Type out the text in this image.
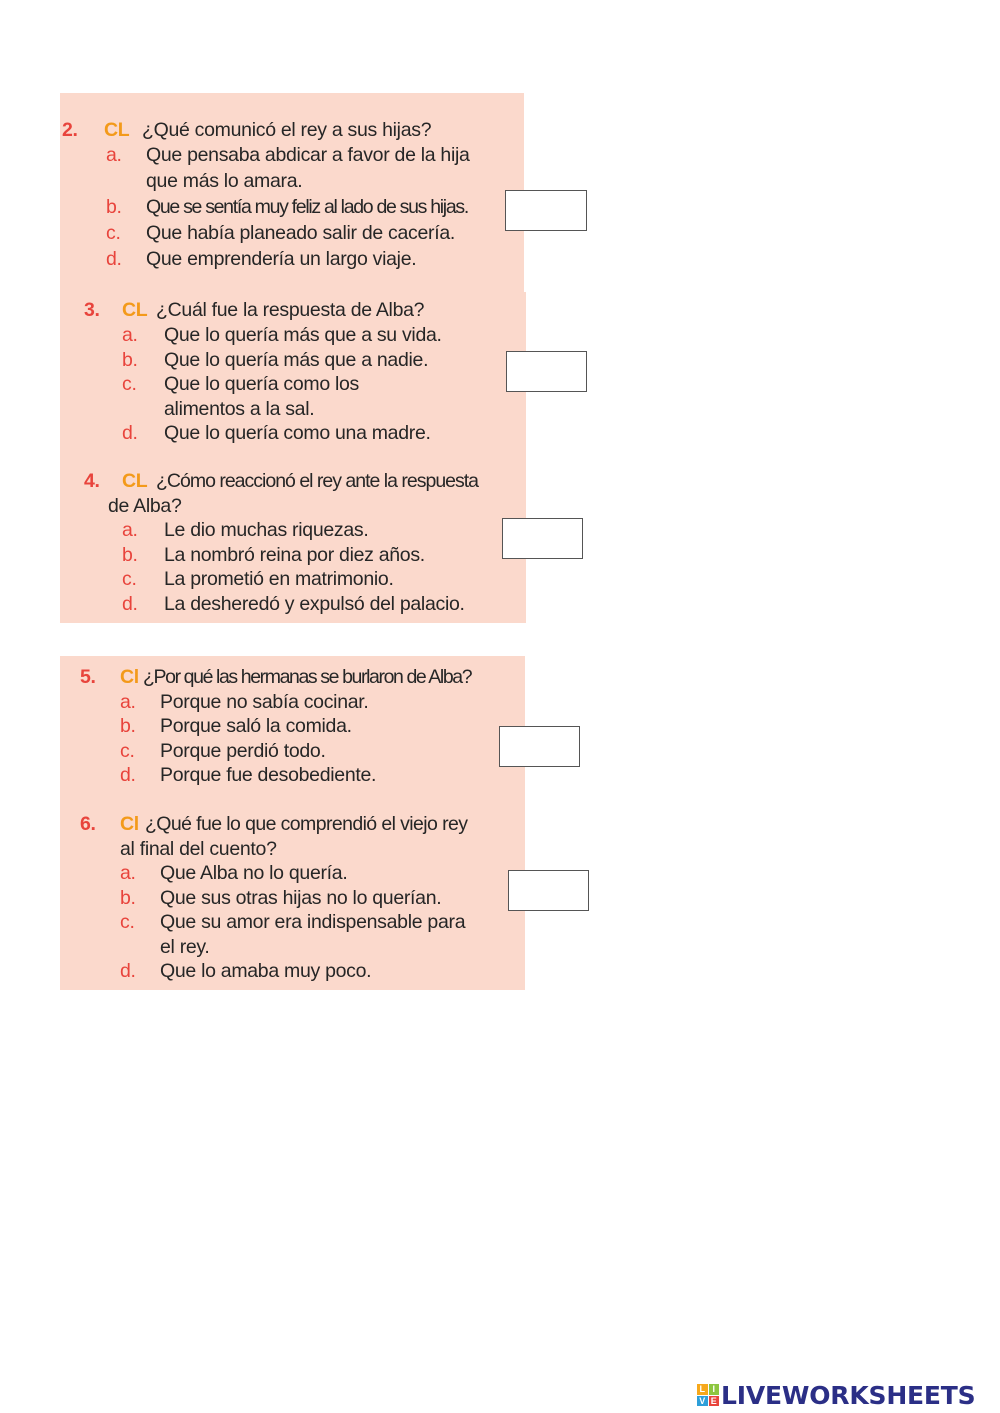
2. CL ¿Qué comunicó el rey a sus hijas?
a. Que pensaba abdicar a favor de la hija
que más lo amara.
b. Que se sentía muy feliz al lado de sus hijas.
c. Que había planeado salir de cacería.
d. Que emprendería un largo viaje.
3. CL ¿Cuál fue la respuesta de Alba?
a. Que lo quería más que a su vida.
b. Que lo quería más que a nadie.
c. Que lo quería como los
alimentos a la sal.
d. Que lo quería como una madre.
4. CL ¿Cómo reaccionó el rey ante la respuesta
de Alba?
a. Le dio muchas riquezas.
b. La nombró reina por diez años.
c. La prometió en matrimonio.
d. La desheredó y expulsó del palacio.
5. Cl ¿Por qué las hermanas se burlaron de Alba?
a. Porque no sabía cocinar.
b. Porque saló la comida.
c. Porque perdió todo.
d. Porque fue desobediente.
6. Cl ¿Qué fue lo que comprendió el viejo rey
al final del cuento?
a. Que Alba no lo quería.
b. Que sus otras hijas no lo querían.
c. Que su amor era indispensable para
el rey.
d. Que lo amaba muy poco.
L I
V E LIVEWORKSHEETS
